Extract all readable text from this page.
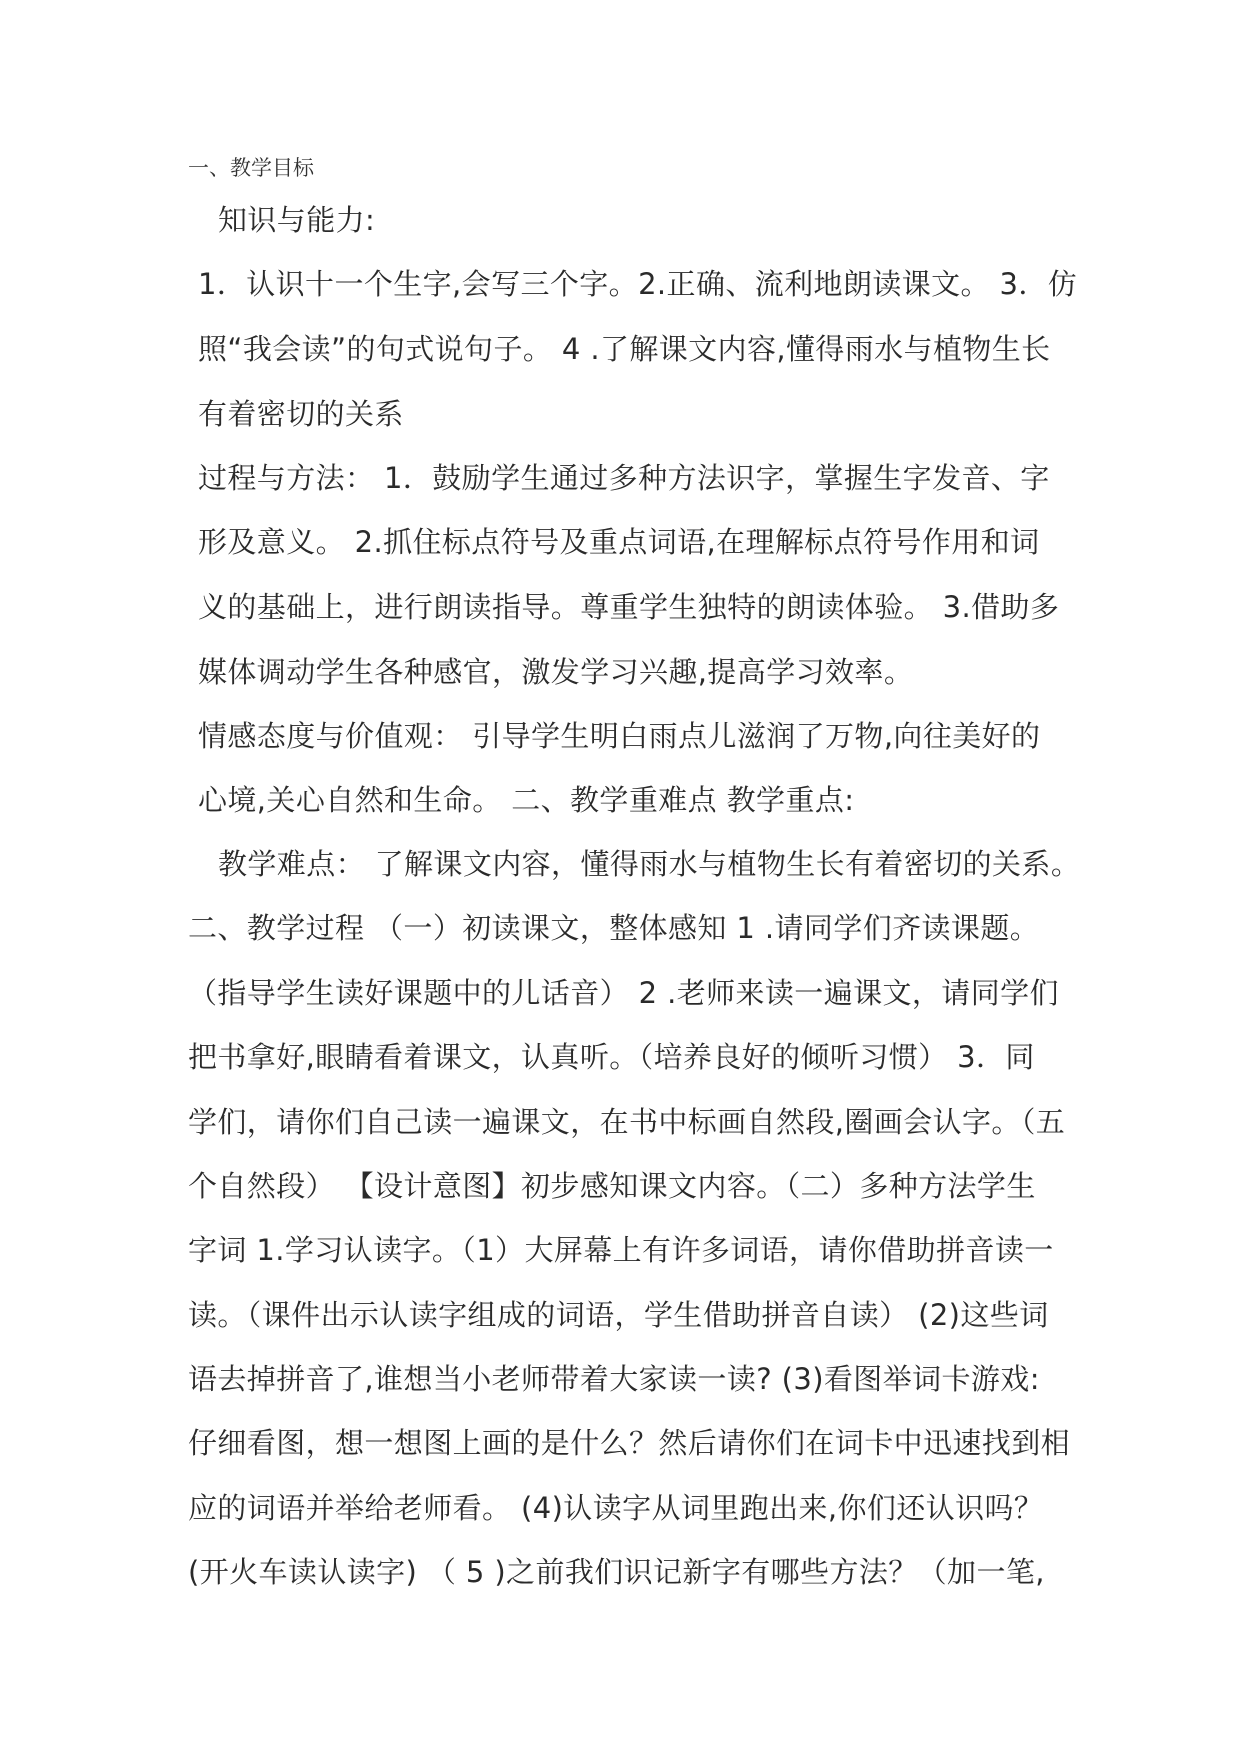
一、教学目标
知识与能力:
1．认识十一个生字,会写三个字。2.正确、流利地朗读课文。 3．仿
照“我会读”的句式说句子。 4 .了解课文内容,懂得雨水与植物生长
有着密切的关系
过程与方法： 1．鼓励学生通过多种方法识字，掌握生字发音、字
形及意义。 2.抓住标点符号及重点词语,在理解标点符号作用和词
义的基础上，进行朗读指导。尊重学生独特的朗读体验。 3.借助多
媒体调动学生各种感官，激发学习兴趣,提高学习效率。
情感态度与价值观： 引导学生明白雨点儿滋润了万物,向往美好的
心境,关心自然和生命。 二、教学重难点 教学重点:
教学难点： 了解课文内容，懂得雨水与植物生长有着密切的关系。
二、教学过程 （一）初读课文，整体感知 1 .请同学们齐读课题。
（指导学生读好课题中的儿话音） 2 .老师来读一遍课文，请同学们
把书拿好,眼睛看着课文，认真听。（培养良好的倾听习惯） 3．同
学们，请你们自己读一遍课文，在书中标画自然段,圈画会认字。（五
个自然段） 【设计意图】初步感知课文内容。（二）多种方法学生
字词 1.学习认读字。（1）大屏幕上有许多词语，请你借助拼音读一
读。（课件出示认读字组成的词语，学生借助拼音自读） (2)这些词
语去掉拼音了,谁想当小老师带着大家读一读? (3)看图举词卡游戏:
仔细看图，想一想图上画的是什么？然后请你们在词卡中迅速找到相
应的词语并举给老师看。 (4)认读字从词里跑出来,你们还认识吗？
(开火车读认读字) （ 5 )之前我们识记新字有哪些方法？（加一笔,
